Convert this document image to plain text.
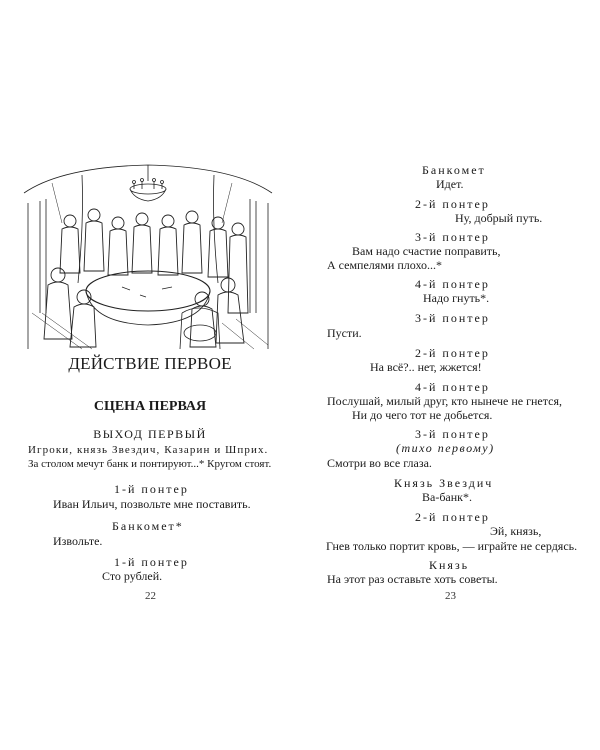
ДЕЙСТВИЕ ПЕРВОЕ
СЦЕНА ПЕРВАЯ
ВЫХОД ПЕРВЫЙ
Игроки, князь Звездич, Казарин и Шприх.
За столом мечут банк и понтируют...* Кругом стоят.
1-й понтер
Иван Ильич, позвольте мне поставить.
Банкомет*
Извольте.
1-й понтер
Сто рублей.
22
Банкомет
Идет.
2-й понтер
Ну, добрый путь.
3-й понтер
Вам надо счастие поправить,
А семпелями плохо...*
4-й понтер
Надо гнуть*.
3-й понтер
Пусти.
2-й понтер
На всё?.. нет, жжется!
4-й понтер
Послушай, милый друг, кто нынече не гнется,
Ни до чего тот не добьется.
3-й понтер
(тихо первому)
Смотри во все глаза.
Князь Звездич
Ва-банк*.
2-й понтер
Эй, князь,
Гнев только портит кровь, — играйте не сердясь.
Князь
На этот раз оставьте хоть советы.
23
